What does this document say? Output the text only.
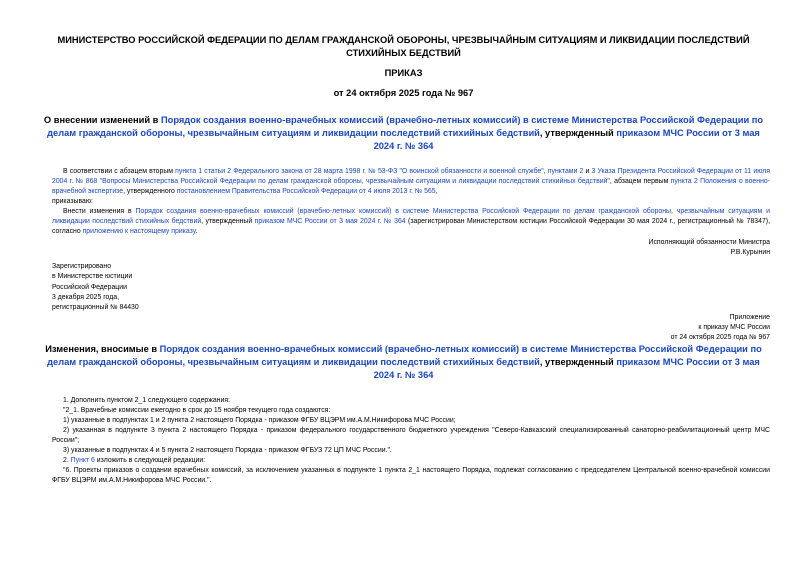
МИНИСТЕРСТВО РОССИЙСКОЙ ФЕДЕРАЦИИ ПО ДЕЛАМ ГРАЖДАНСКОЙ ОБОРОНЫ, ЧРЕЗВЫЧАЙНЫМ СИТУАЦИЯМ И ЛИКВИДАЦИИ ПОСЛЕДСТВИЙ СТИХИЙНЫХ БЕДСТВИЙ
ПРИКАЗ
от 24 октября 2025 года № 967
О внесении изменений в Порядок создания военно-врачебных комиссий (врачебно-летных комиссий) в системе Министерства Российской Федерации по делам гражданской обороны, чрезвычайным ситуациям и ликвидации последствий стихийных бедствий, утвержденный приказом МЧС России от 3 мая 2024 г. № 364

В соответствии с абзацем вторым пункта 1 статьи 2 Федерального закона от 28 марта 1998 г. № 53-ФЗ "О воинской обязанности и военной службе", пунктами 2 и 3 Указа Президента Российской Федерации от 11 июля 2004 г. № 868 "Вопросы Министерства Российской Федерации по делам гражданской обороны, чрезвычайным ситуациям и ликвидации последствий стихийных бедствий", абзацем первым пункта 2 Положения о военно-врачебной экспертизе, утвержденного постановлением Правительства Российской Федерации от 4 июля 2013 г. № 565,

приказываю:

Внести изменения в Порядок создания военно-врачебных комиссий (врачебно-летных комиссий) в системе Министерства Российской Федерации по делам гражданской обороны, чрезвычайным ситуациям и ликвидации последствий стихийных бедствий, утвержденный приказом МЧС России от 3 мая 2024 г. № 364 (зарегистрирован Министерством юстиции Российской Федерации 30 мая 2024 г., регистрационный № 78347), согласно приложению к настоящему приказу.

Исполняющий обязанности Министра
Р.В.Курынин
Зарегистрировано
в Министерстве юстиции
Российской Федерации
3 декабря 2025 года,
регистрационный № 84430
Приложение
к приказу МЧС России
от 24 октября 2025 года № 967
Изменения, вносимые в Порядок создания военно-врачебных комиссий (врачебно-летных комиссий) в системе Министерства Российской Федерации по делам гражданской обороны, чрезвычайным ситуациям и ликвидации последствий стихийных бедствий, утвержденный приказом МЧС России от 3 мая 2024 г. № 364

1. Дополнить пунктом 2_1 следующего содержания:

"2_1. Врачебные комиссии ежегодно в срок до 15 ноября текущего года создаются:

1) указанные в подпунктах 1 и 2 пункта 2 настоящего Порядка - приказом ФГБУ ВЦЭРМ им.А.М.Никифорова МЧС России;

2) указанная в подпункте 3 пункта 2 настоящего Порядка - приказом федерального государственного бюджетного учреждения "Северо-Кавказский специализированный санаторно-реабилитационный центр МЧС России";

3) указанные в подпунктах 4 и 5 пункта 2 настоящего Порядка - приказом ФГБУЗ 72 ЦП МЧС России.".

2. Пункт 6 изложить в следующей редакции:

"6. Проекты приказов о создании врачебных комиссий, за исключением указанных в подпункте 1 пункта 2_1 настоящего Порядка, подлежат согласованию с председателем Центральной военно-врачебной комиссии ФГБУ ВЦЭРМ им.А.М.Никифорова МЧС России.".
